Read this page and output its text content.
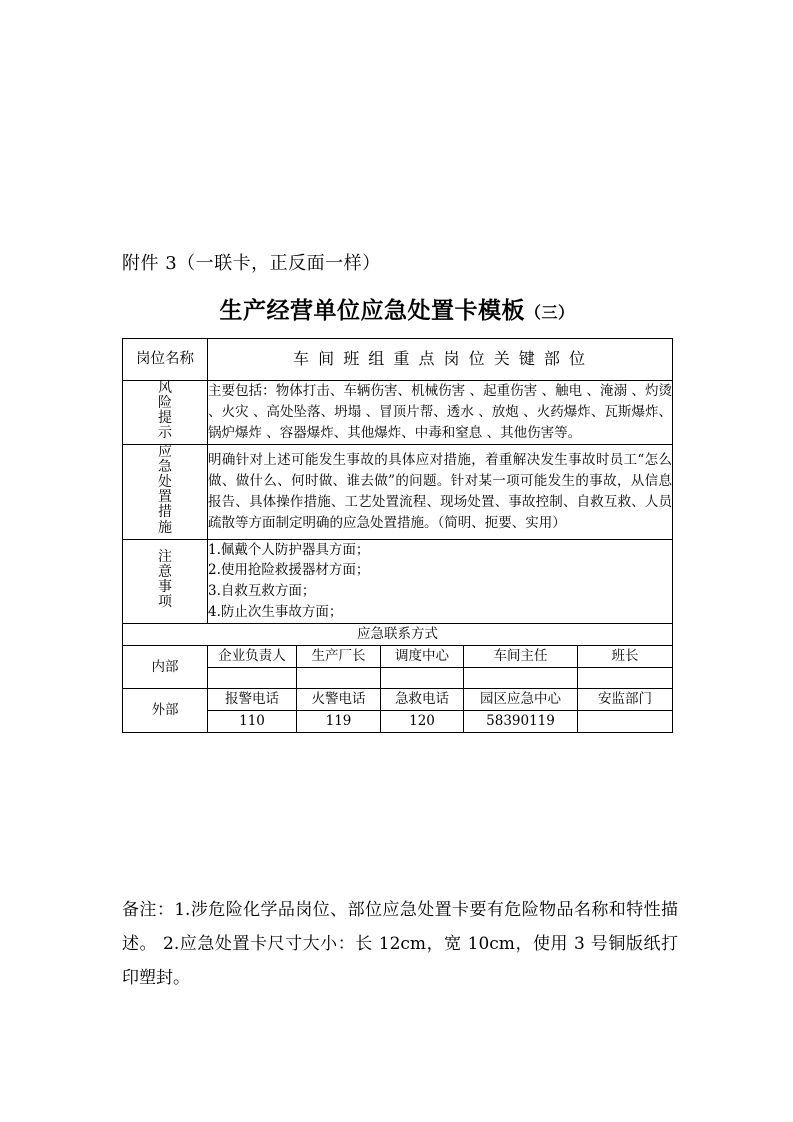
附件 3（一联卡，正反面一样）
生产经营单位应急处置卡模板（三）
岗位名称	车 间 班 组 重 点 岗 位 关 键 部 位				
风险提示	主要包括：物体打击、车辆伤害、机械伤害 、起重伤害 、触电 、淹溺 、灼烫 、火灾 、高处坠落、坍塌 、冒顶片帮、透水 、放炮 、火药爆炸、瓦斯爆炸、锅炉爆炸 、容器爆炸、其他爆炸、中毒和窒息 、其他伤害等。				
应急处置措施	明确针对上述可能发生事故的具体应对措施，着重解决发生事故时员工“怎么做、做什么、何时做、谁去做”的问题。针对某一项可能发生的事故，从信息报告、具体操作措施、工艺处置流程、现场处置、事故控制、自救互救、人员疏散等方面制定明确的应急处置措施。（简明、扼要、实用）				
注意事项	1.佩戴个人防护器具方面；

2.使用抢险救援器材方面；

3.自救互救方面；

4.防止次生事故方面；				

应急联系方式					
内部	企业负责人	生产厂长	调度中心	车间主任	班长

外部	报警电话	火警电话	急救电话	园区应急中心	安监部门
	110	119	120	58390119	
备注：1.涉危险化学品岗位、部位应急处置卡要有危险物品名称和特性描述。 2.应急处置卡尺寸大小：长 12cm，宽 10cm，使用 3 号铜版纸打印塑封。
